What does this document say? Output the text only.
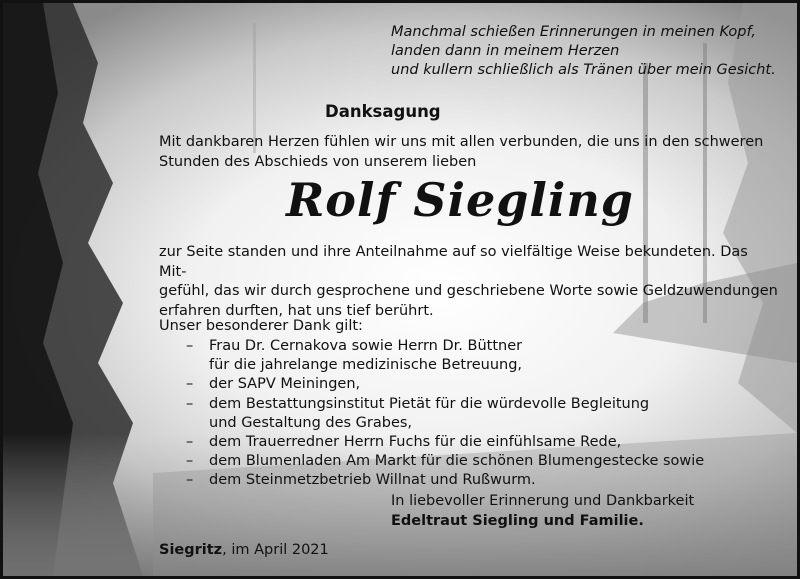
Manchmal schießen Erinnerungen in meinen Kopf,
landen dann in meinem Herzen
und kullern schließlich als Tränen über mein Gesicht.
Danksagung
Mit dankbaren Herzen fühlen wir uns mit allen verbunden, die uns in den schweren
Stunden des Abschieds von unserem lieben
Rolf Siegling
zur Seite standen und ihre Anteilnahme auf so vielfältige Weise bekundeten. Das Mit-
gefühl, das wir durch gesprochene und geschriebene Worte sowie Geldzuwendungen
erfahren durften, hat uns tief berührt.
Unser besonderer Dank gilt:
– Frau Dr. Cernakova sowie Herrn Dr. Büttner
für die jahrelange medizinische Betreuung,
– der SAPV Meiningen,
– dem Bestattungsinstitut Pietät für die würdevolle Begleitung
und Gestaltung des Grabes,
– dem Trauerredner Herrn Fuchs für die einfühlsame Rede,
– dem Blumenladen Am Markt für die schönen Blumengestecke sowie
– dem Steinmetzbetrieb Willnat und Rußwurm.
In liebevoller Erinnerung und Dankbarkeit
Edeltraut Siegling und Familie.
Siegritz, im April 2021
